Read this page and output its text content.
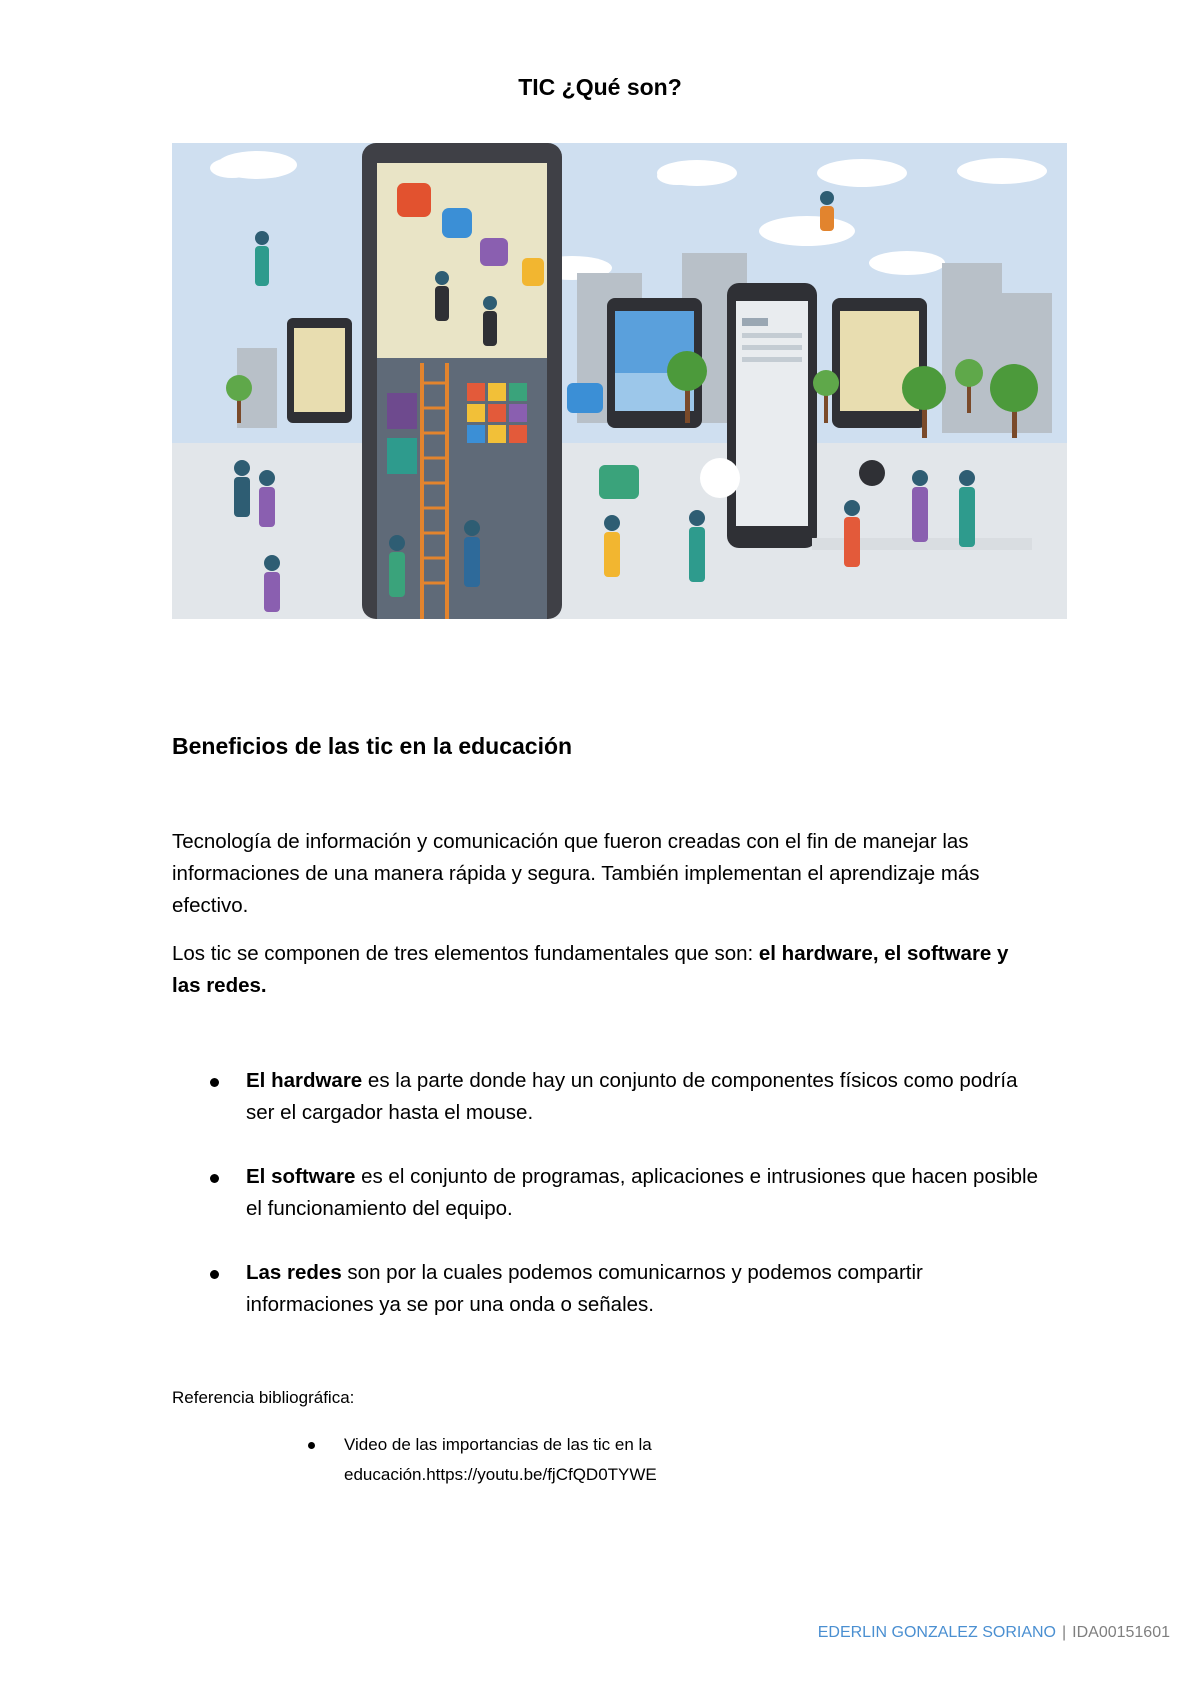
TIC ¿Qué son?
Beneficios de las tic en la educación
Tecnología de información y comunicación que fueron creadas con el fin de manejar las informaciones de una manera rápida y segura. También implementan el aprendizaje más efectivo.
Los tic se componen de tres elementos fundamentales que son: el hardware, el software y las redes.
El hardware es la parte donde hay un conjunto de componentes físicos como podría ser el cargador hasta el mouse.
El software es el conjunto de programas, aplicaciones e intrusiones que hacen posible el funcionamiento del equipo.
Las redes son por la cuales podemos comunicarnos y podemos compartir informaciones ya se por una onda o señales.
Referencia bibliográfica:
Video de las importancias de las tic en la educación.https://youtu.be/fjCfQD0TYWE
EDERLIN GONZALEZ SORIANO | IDA00151601
